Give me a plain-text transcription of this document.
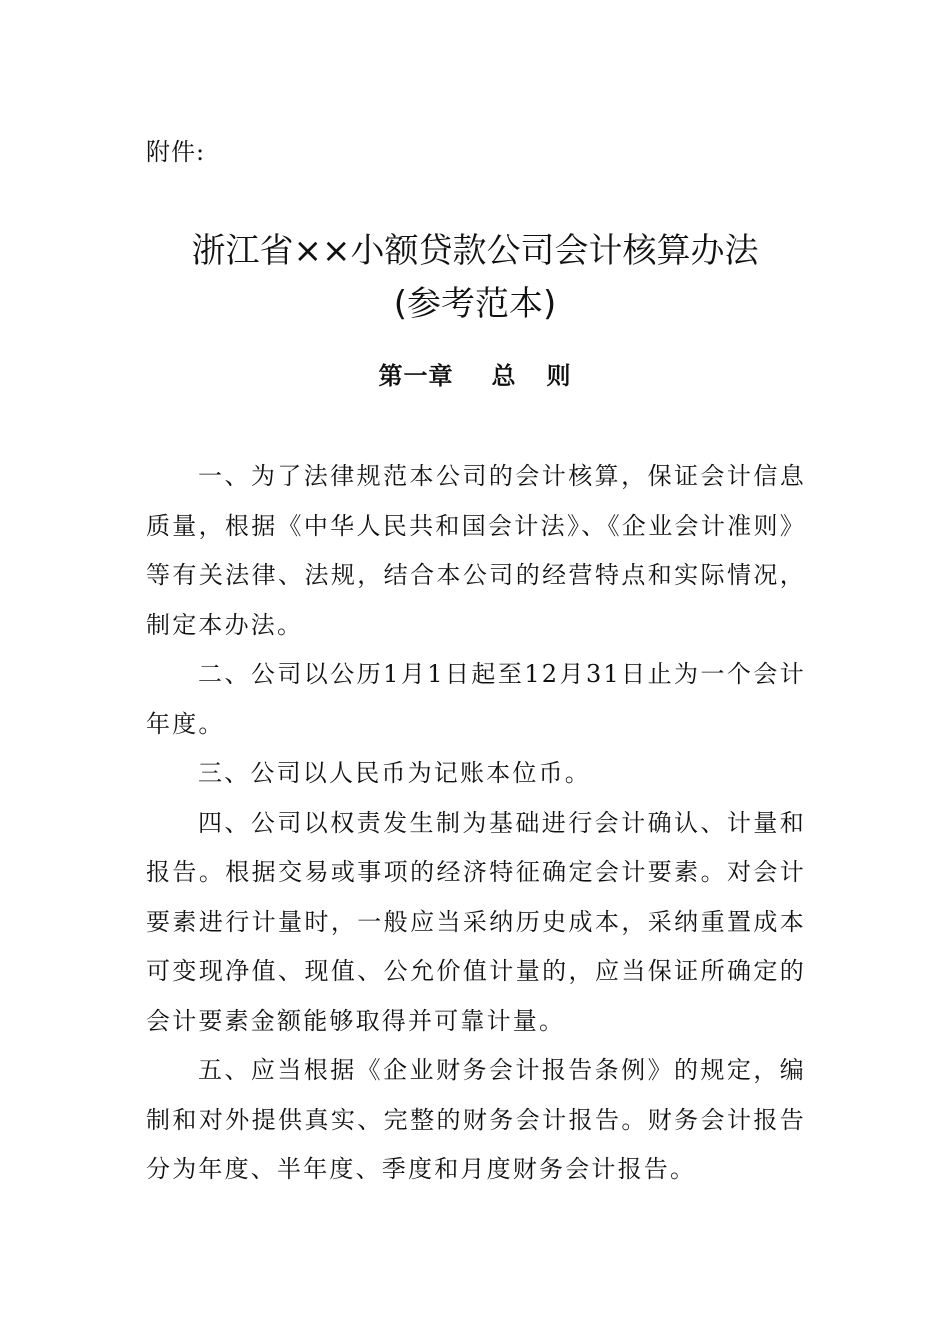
附件:
浙江省××小额贷款公司会计核算办法
(参考范本)
第一章 总 则

一、为了法律规范本公司的会计核算，保证会计信息质量，根据《中华人民共和国会计法》、《企业会计准则》等有关法律、法规，结合本公司的经营特点和实际情况，制定本办法。

二、公司以公历1月1日起至12月31日止为一个会计年度。

三、公司以人民币为记账本位币。

四、公司以权责发生制为基础进行会计确认、计量和报告。根据交易或事项的经济特征确定会计要素。对会计要素进行计量时，一般应当采纳历史成本，采纳重置成本可变现净值、现值、公允价值计量的，应当保证所确定的会计要素金额能够取得并可靠计量。

五、应当根据《企业财务会计报告条例》的规定，编制和对外提供真实、完整的财务会计报告。财务会计报告分为年度、半年度、季度和月度财务会计报告。
